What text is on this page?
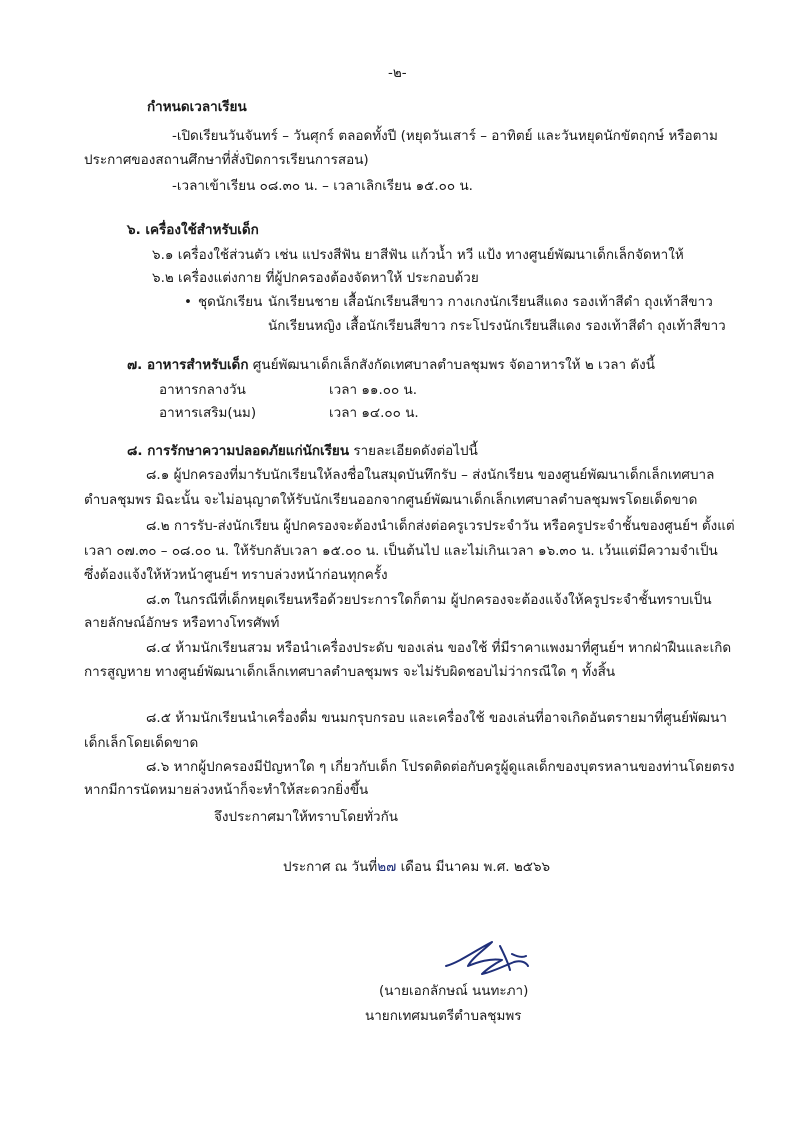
-๒-
กำหนดเวลาเรียน
-เปิดเรียนวันจันทร์ – วันศุกร์ ตลอดทั้งปี (หยุดวันเสาร์ – อาทิตย์ และวันหยุดนักขัตฤกษ์ หรือตาม
ประกาศของสถานศึกษาที่สั่งปิดการเรียนการสอน)
-เวลาเข้าเรียน ๐๘.๓๐ น. – เวลาเลิกเรียน ๑๕.๐๐ น.
๖. เครื่องใช้สำหรับเด็ก
๖.๑ เครื่องใช้ส่วนตัว เช่น แปรงสีฟัน ยาสีฟัน แก้วน้ำ หวี แป้ง ทางศูนย์พัฒนาเด็กเล็กจัดหาให้
๖.๒ เครื่องแต่งกาย ที่ผู้ปกครองต้องจัดหาให้ ประกอบด้วย
• ชุดนักเรียน นักเรียนชาย เสื้อนักเรียนสีขาว กางเกงนักเรียนสีแดง รองเท้าสีดำ ถุงเท้าสีขาว
นักเรียนหญิง เสื้อนักเรียนสีขาว กระโปรงนักเรียนสีแดง รองเท้าสีดำ ถุงเท้าสีขาว
๗. อาหารสำหรับเด็ก ศูนย์พัฒนาเด็กเล็กสังกัดเทศบาลตำบลชุมพร จัดอาหารให้ ๒ เวลา ดังนี้
อาหารกลางวัน	เวลา ๑๑.๐๐ น.
อาหารเสริม(นม)	เวลา ๑๔.๐๐ น.
๘. การรักษาความปลอดภัยแก่นักเรียน รายละเอียดดังต่อไปนี้
๘.๑ ผู้ปกครองที่มารับนักเรียนให้ลงชื่อในสมุดบันทึกรับ – ส่งนักเรียน ของศูนย์พัฒนาเด็กเล็กเทศบาล
ตำบลชุมพร มิฉะนั้น จะไม่อนุญาตให้รับนักเรียนออกจากศูนย์พัฒนาเด็กเล็กเทศบาลตำบลชุมพรโดยเด็ดขาด
๘.๒ การรับ-ส่งนักเรียน ผู้ปกครองจะต้องนำเด็กส่งต่อครูเวรประจำวัน หรือครูประจำชั้นของศูนย์ฯ ตั้งแต่
เวลา ๐๗.๓๐ – ๐๘.๐๐ น. ให้รับกลับเวลา ๑๕.๐๐ น. เป็นต้นไป และไม่เกินเวลา ๑๖.๓๐ น. เว้นแต่มีความจำเป็น
ซึ่งต้องแจ้งให้หัวหน้าศูนย์ฯ ทราบล่วงหน้าก่อนทุกครั้ง
๘.๓ ในกรณีที่เด็กหยุดเรียนหรือด้วยประการใดก็ตาม ผู้ปกครองจะต้องแจ้งให้ครูประจำชั้นทราบเป็น
ลายลักษณ์อักษร หรือทางโทรศัพท์
๘.๔ ห้ามนักเรียนสวม หรือนำเครื่องประดับ ของเล่น ของใช้ ที่มีราคาแพงมาที่ศูนย์ฯ หากฝ่าฝืนและเกิด
การสูญหาย ทางศูนย์พัฒนาเด็กเล็กเทศบาลตำบลชุมพร จะไม่รับผิดชอบไม่ว่ากรณีใด ๆ ทั้งสิ้น
๘.๕ ห้ามนักเรียนนำเครื่องดื่ม ขนมกรุบกรอบ และเครื่องใช้ ของเล่นที่อาจเกิดอันตรายมาที่ศูนย์พัฒนา
เด็กเล็กโดยเด็ดขาด
๘.๖ หากผู้ปกครองมีปัญหาใด ๆ เกี่ยวกับเด็ก โปรดติดต่อกับครูผู้ดูแลเด็กของบุตรหลานของท่านโดยตรง
หากมีการนัดหมายล่วงหน้าก็จะทำให้สะดวกยิ่งขึ้น
จึงประกาศมาให้ทราบโดยทั่วกัน
ประกาศ ณ วันที่๒๗ เดือน มีนาคม พ.ศ. ๒๕๖๖
(นายเอกลักษณ์ นนทะภา)
นายกเทศมนตรีตำบลชุมพร
